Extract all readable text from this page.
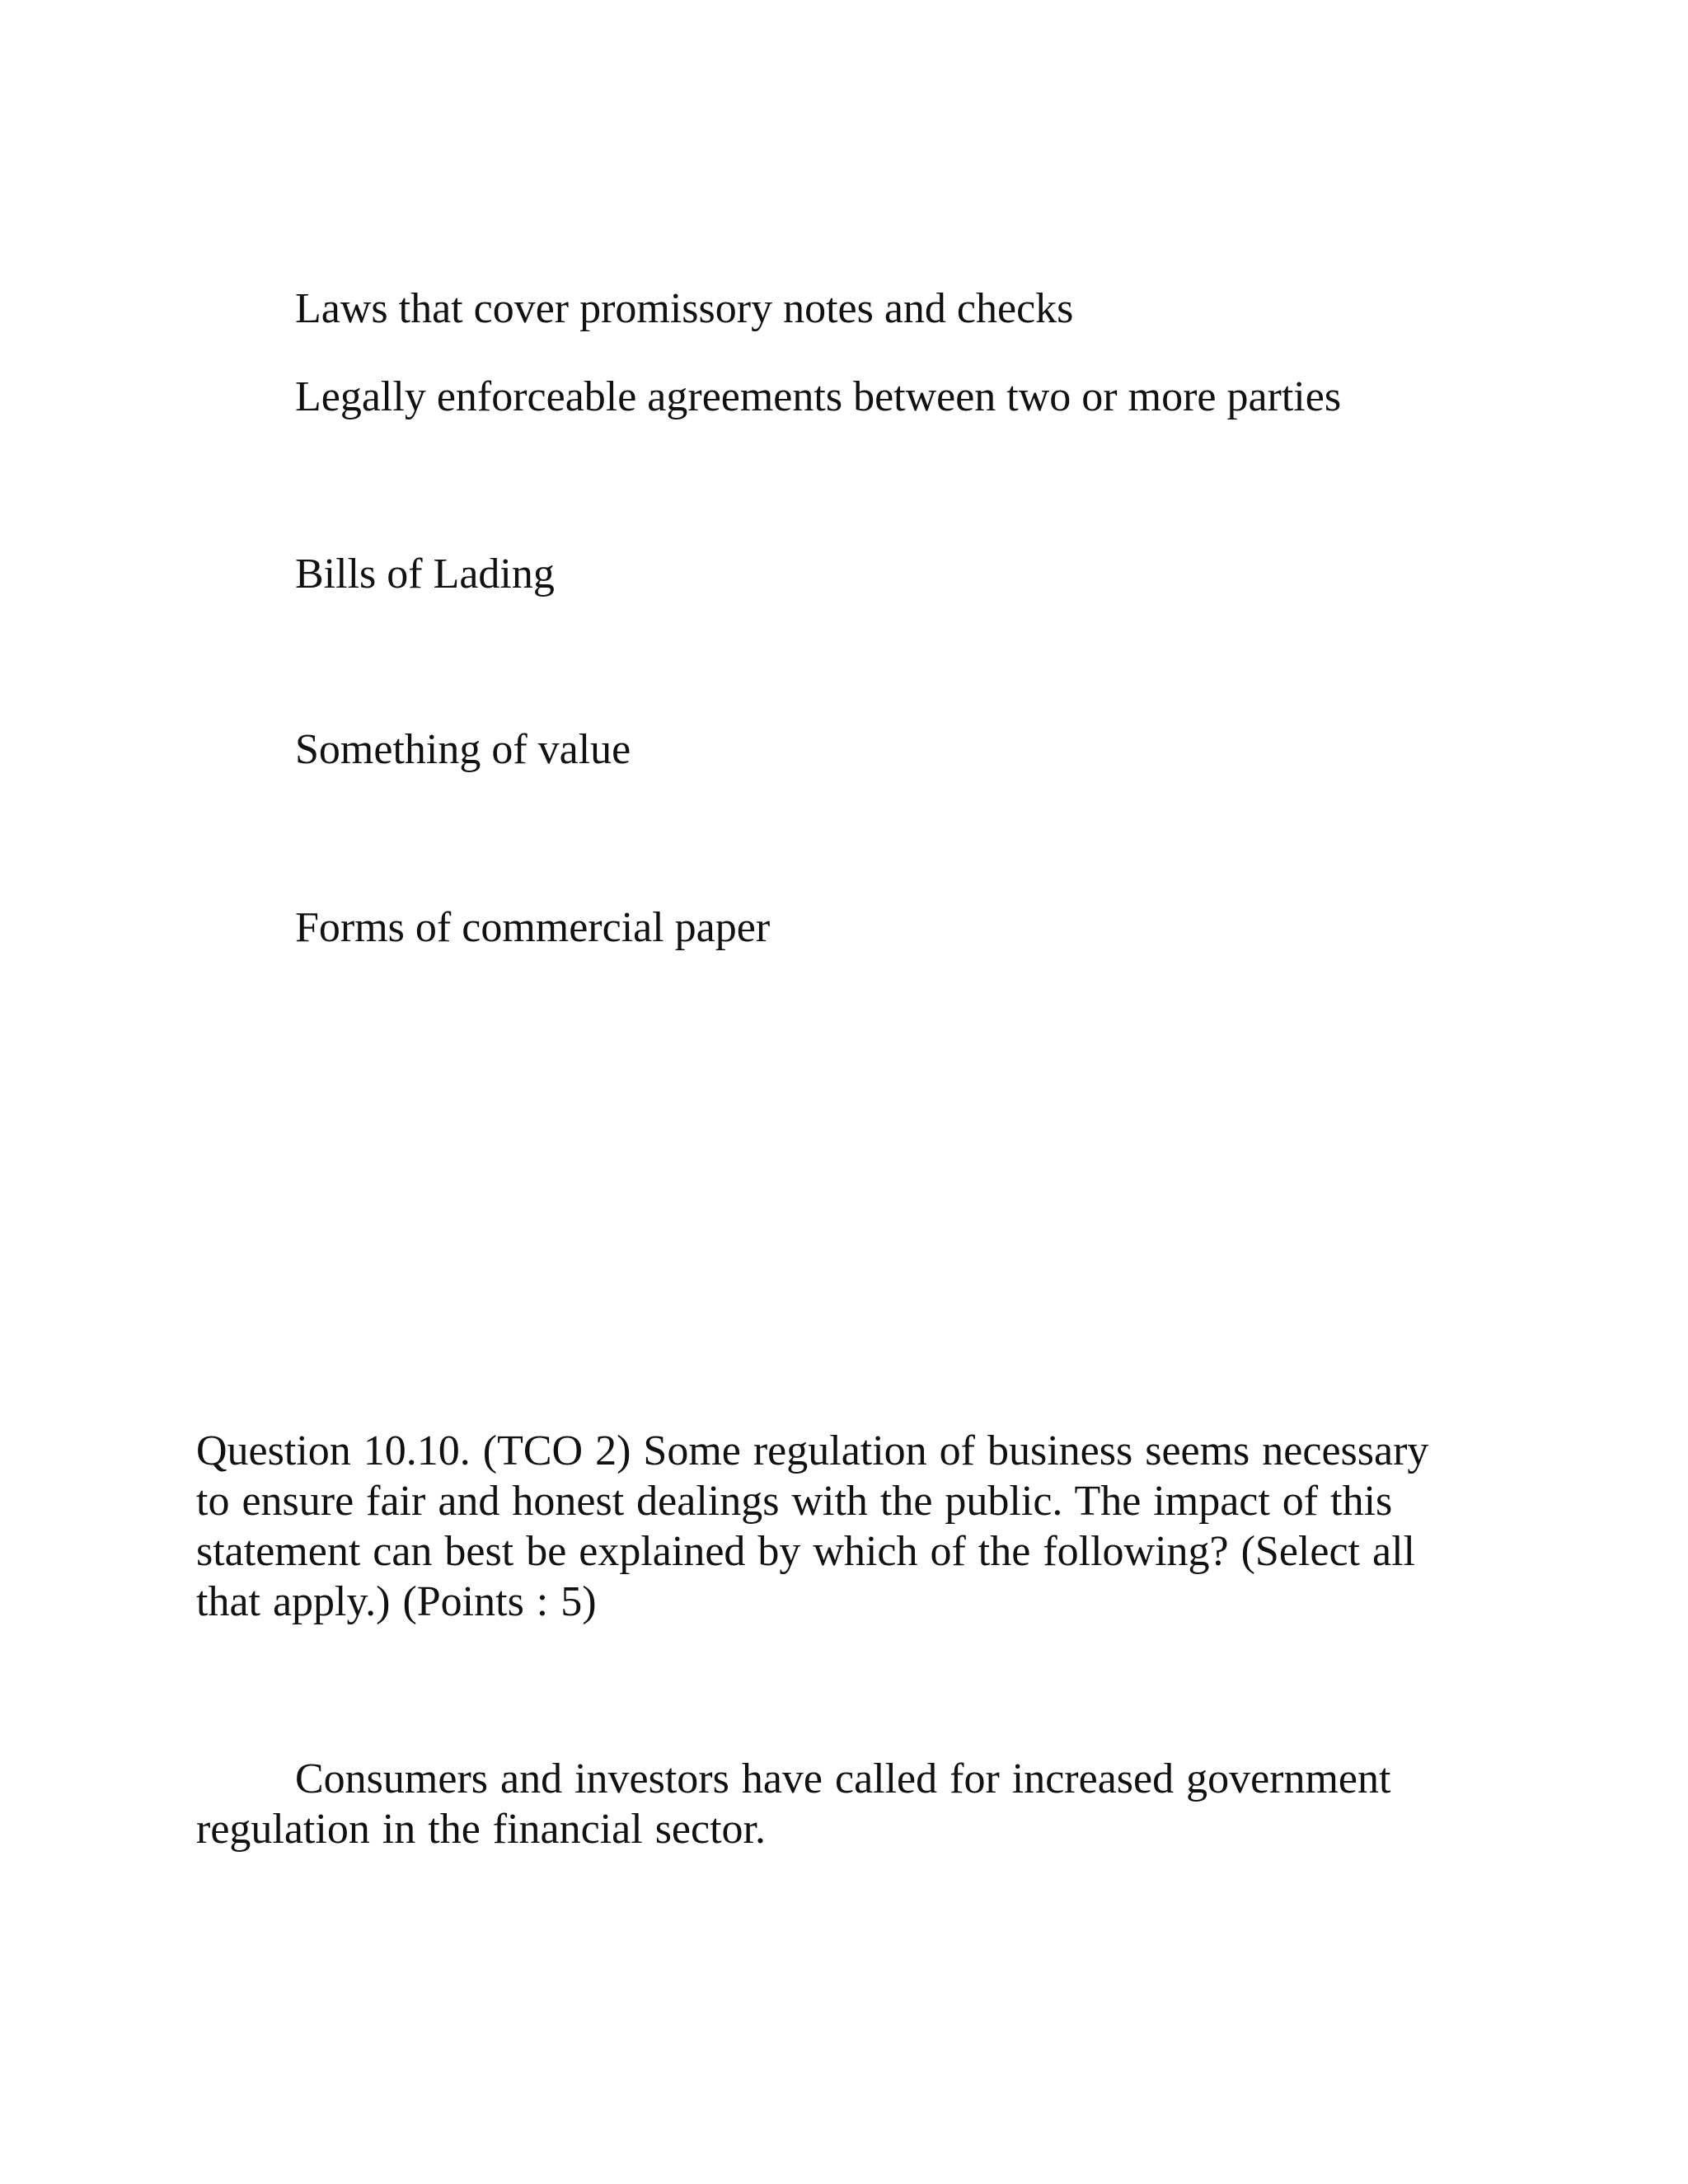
Laws that cover promissory notes and checks

Legally enforceable agreements between two or more parties

Bills of Lading

Something of value

Forms of commercial paper

Question 10.10. (TCO 2) Some regulation of business seems necessary to ensure fair and honest dealings with the public. The impact of this statement can best be explained by which of the following? (Select all that apply.) (Points : 5)

Consumers and investors have called for increased government regulation in the financial sector.
